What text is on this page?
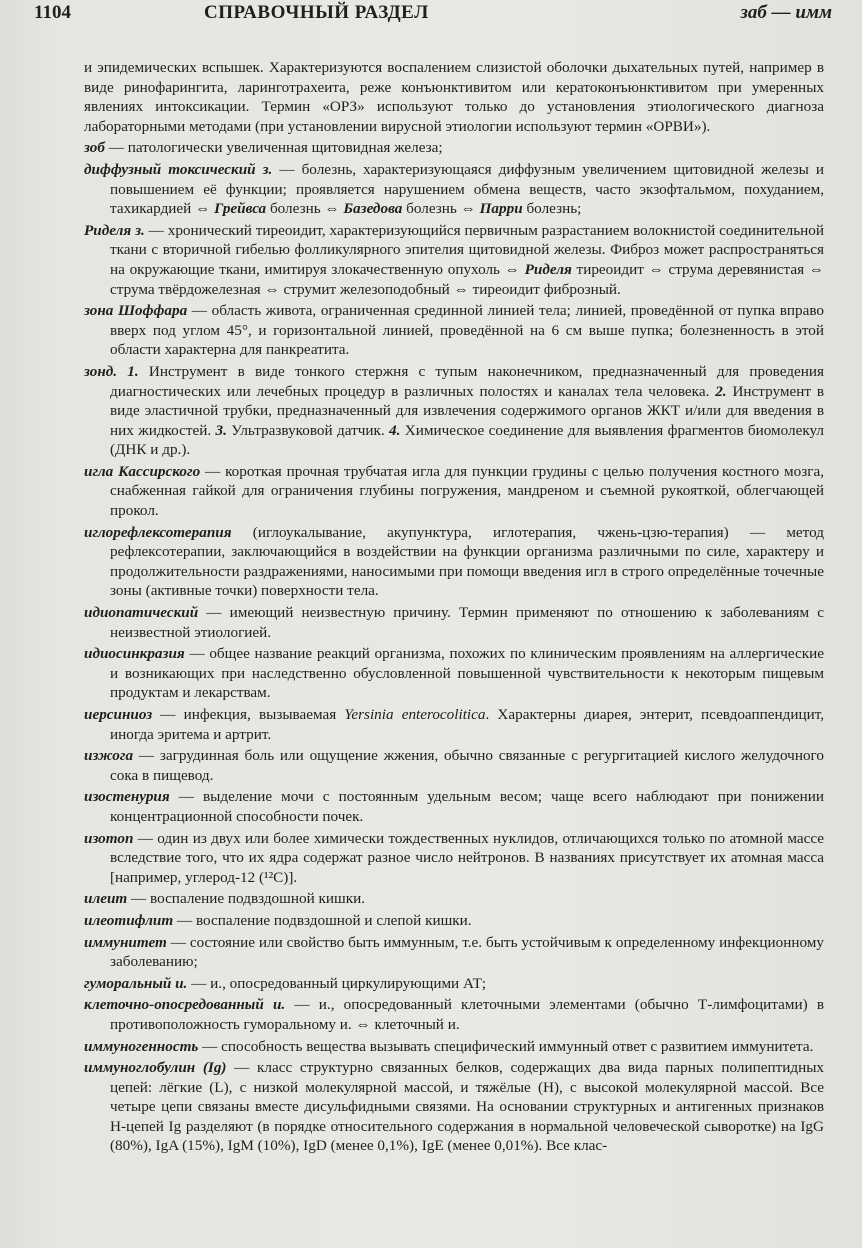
1104	СПРАВОЧНЫЙ РАЗДЕЛ	заб — имм

и эпидемических вспышек. Характеризуются воспалением слизистой оболочки дыхательных путей, например в виде ринофарингита, ларинготрахеита, реже конъюнктивитом или кератоконъюнктивитом при умеренных явлениях интоксикации. Термин «ОРЗ» используют только до установления этиологического диагноза лабораторными методами (при установлении вирусной этиологии используют термин «ОРВИ»).

зоб — патологически увеличенная щитовидная железа;

диффузный токсический з. — болезнь, характеризующаяся диффузным увеличением щитовидной железы и повышением её функции; проявляется нарушением обмена веществ, часто экзофтальмом, похуданием, тахикардией ⇔ Грейвса болезнь ⇔ Базедова болезнь ⇔ Парри болезнь;

Риделя з. — хронический тиреоидит, характеризующийся первичным разрастанием волокнистой соединительной ткани с вторичной гибелью фолликулярного эпителия щитовидной железы. Фиброз может распространяться на окружающие ткани, имитируя злокачественную опухоль ⇔ Риделя тиреоидит ⇔ струма деревянистая ⇔ струма твёрдожелезная ⇔ струмит железоподобный ⇔ тиреоидит фиброзный.

зона Шоффара — область живота, ограниченная срединной линией тела; линией, проведённой от пупка вправо вверх под углом 45°, и горизонтальной линией, проведённой на 6 см выше пупка; болезненность в этой области характерна для панкреатита.

зонд. 1. Инструмент в виде тонкого стержня с тупым наконечником, предназначенный для проведения диагностических или лечебных процедур в различных полостях и каналах тела человека. 2. Инструмент в виде эластичной трубки, предназначенный для извлечения содержимого органов ЖКТ и/или для введения в них жидкостей. 3. Ультразвуковой датчик. 4. Химическое соединение для выявления фрагментов биомолекул (ДНК и др.).

игла Кассирского — короткая прочная трубчатая игла для пункции грудины с целью получения костного мозга, снабженная гайкой для ограничения глубины погружения, мандреном и съемной рукояткой, облегчающей прокол.

иглорефлексотерапия (иглоукалывание, акупунктура, иглотерапия, чжень-цзю-терапия) — метод рефлексотерапии, заключающийся в воздействии на функции организма различными по силе, характеру и продолжительности раздражениями, наносимыми при помощи введения игл в строго определённые точечные зоны (активные точки) поверхности тела.

идиопатический — имеющий неизвестную причину. Термин применяют по отношению к заболеваниям с неизвестной этиологией.

идиосинкразия — общее название реакций организма, похожих по клиническим проявлениям на аллергические и возникающих при наследственно обусловленной повышенной чувствительности к некоторым пищевым продуктам и лекарствам.

иерсиниоз — инфекция, вызываемая Yersinia enterocolitica. Характерны диарея, энтерит, псевдоаппендицит, иногда эритема и артрит.

изжога — загрудинная боль или ощущение жжения, обычно связанные с регургитацией кислого желудочного сока в пищевод.

изостенурия — выделение мочи с постоянным удельным весом; чаще всего наблюдают при понижении концентрационной способности почек.

изотоп — один из двух или более химически тождественных нуклидов, отличающихся только по атомной массе вследствие того, что их ядра содержат разное число нейтронов. В названиях присутствует их атомная масса [например, углерод-12 (¹²С)].

илеит — воспаление подвздошной кишки.

илеотифлит — воспаление подвздошной и слепой кишки.

иммунитет — состояние или свойство быть иммунным, т.е. быть устойчивым к определенному инфекционному заболеванию;

гуморальный и. — и., опосредованный циркулирующими АТ;

клеточно-опосредованный и. — и., опосредованный клеточными элементами (обычно Т-лимфоцитами) в противоположность гуморальному и. ⇔ клеточный и.

иммуногенность — способность вещества вызывать специфический иммунный ответ с развитием иммунитета.

иммуноглобулин (Ig) — класс структурно связанных белков, содержащих два вида парных полипептидных цепей: лёгкие (L), с низкой молекулярной массой, и тяжёлые (H), с высокой молекулярной массой. Все четыре цепи связаны вместе дисульфидными связями. На основании структурных и антигенных признаков H-цепей Ig разделяют (в порядке относительного содержания в нормальной человеческой сыворотке) на IgG (80%), IgA (15%), IgM (10%), IgD (менее 0,1%), IgE (менее 0,01%). Все клас-
